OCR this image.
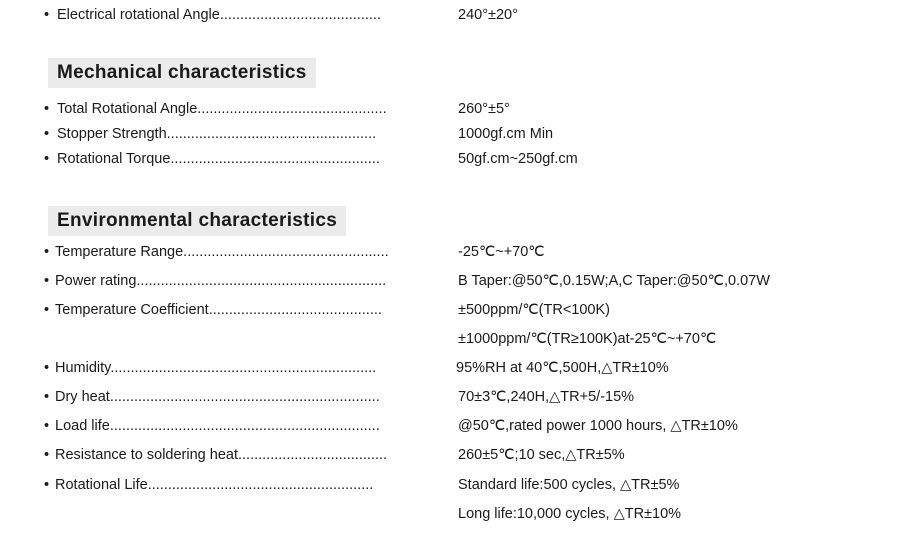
• Electrical rotational Angle........................................	240°±20°
Mechanical characteristics
• Total Rotational Angle...............................................	260°±5°
• Stopper Strength....................................................	1000gf.cm Min
• Rotational Torque....................................................	50gf.cm~250gf.cm
Environmental characteristics
• Temperature Range...................................................	-25℃~+70℃
• Power rating..............................................................	B Taper:@50℃,0.15W;A,C Taper:@50℃,0.07W
• Temperature Coefficient...........................................	±500ppm/℃(TR<100K)
±1000ppm/℃(TR≥100K)at-25℃~+70℃
• Humidity..................................................................	95%RH at 40℃,500H,△TR±10%
• Dry heat...................................................................	70±3℃,240H,△TR+5/-15%
• Load life...................................................................	@50℃,rated power 1000 hours, △TR±10%
• Resistance to soldering heat.....................................	260±5℃;10 sec,△TR±5%
• Rotational Life........................................................	Standard life:500 cycles, △TR±5%
Long life:10,000 cycles, △TR±10%
